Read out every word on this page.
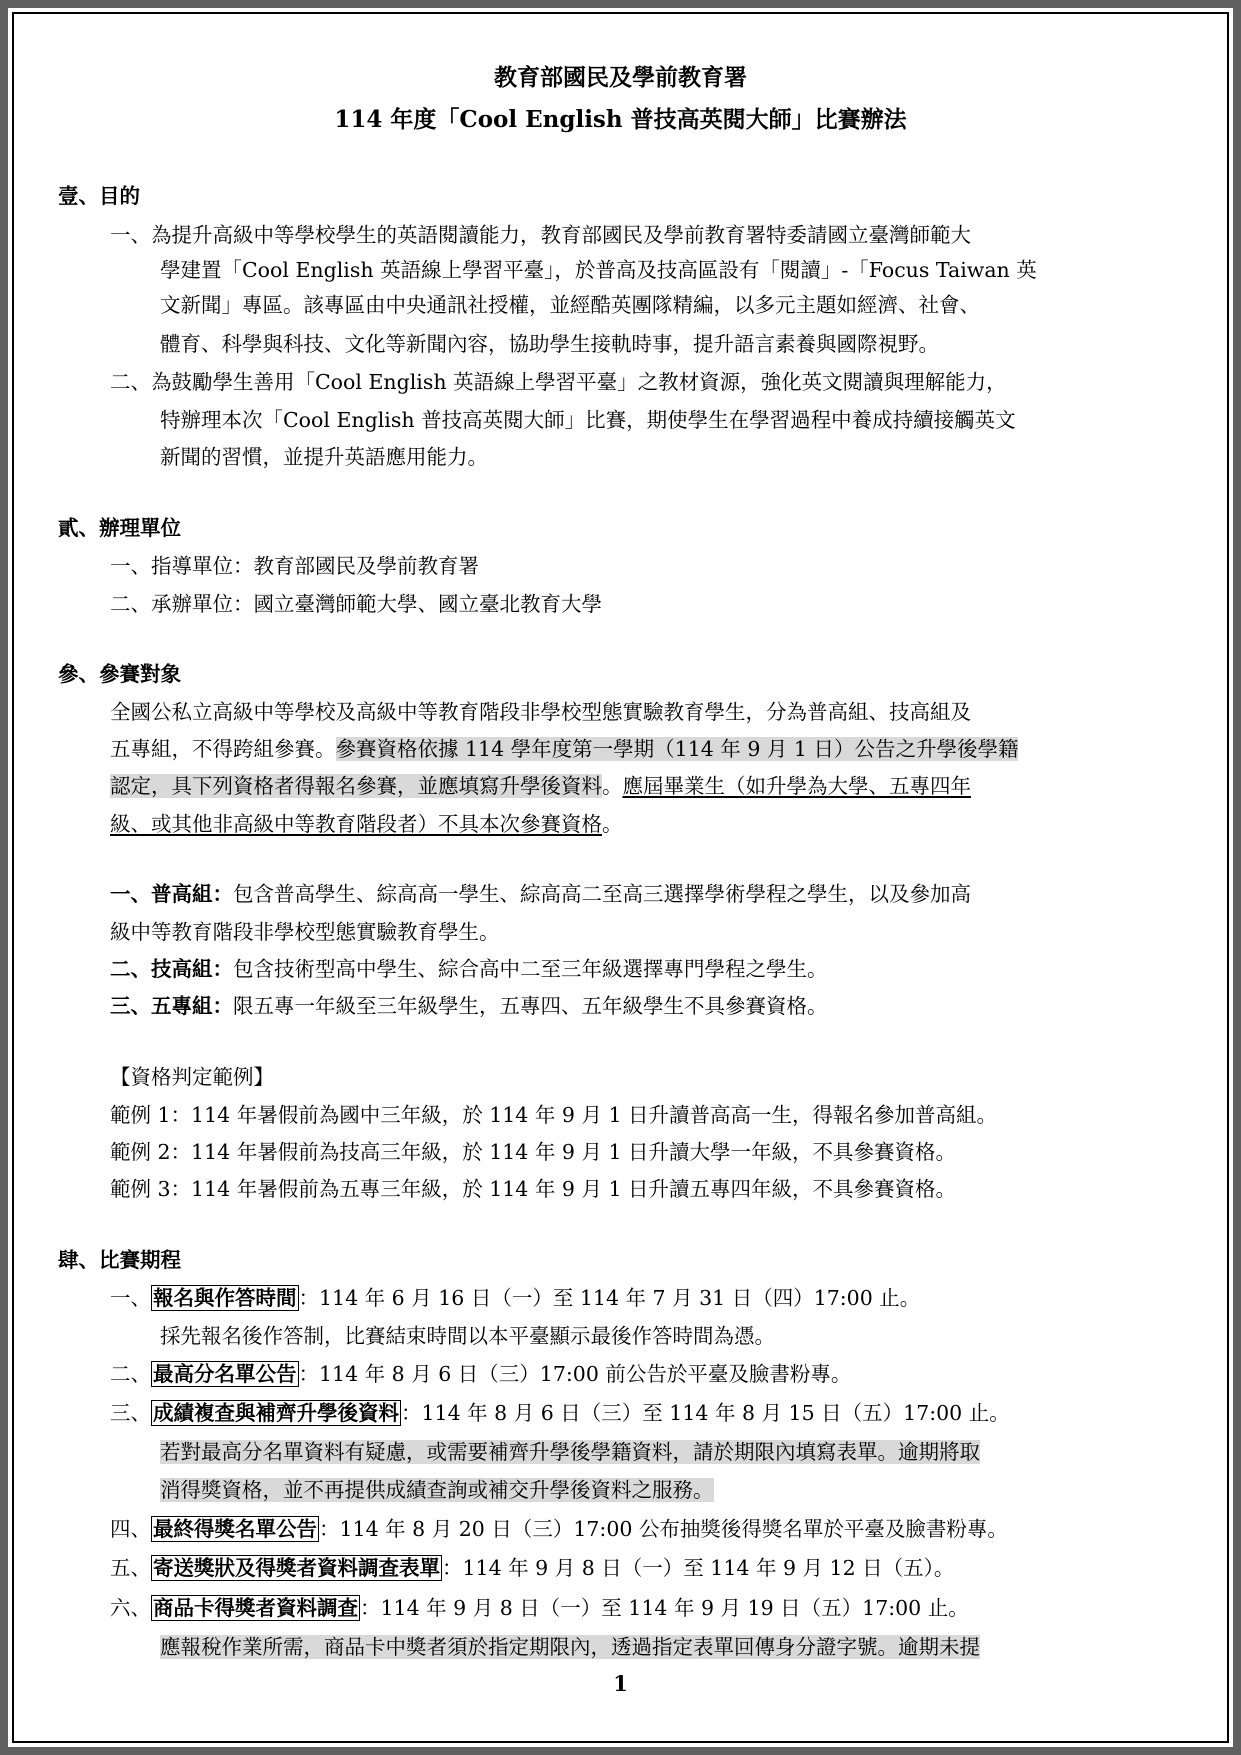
教育部國民及學前教育署
114 年度「Cool English 普技高英閱大師」比賽辦法
壹、目的
一、為提升高級中等學校學生的英語閱讀能力，教育部國民及學前教育署特委請國立臺灣師範大
學建置「Cool English 英語線上學習平臺」，於普高及技高區設有「閱讀」-「Focus Taiwan 英
文新聞」專區。該專區由中央通訊社授權，並經酷英團隊精編，以多元主題如經濟、社會、
體育、科學與科技、文化等新聞內容，協助學生接軌時事，提升語言素養與國際視野。
二、為鼓勵學生善用「Cool English 英語線上學習平臺」之教材資源，強化英文閱讀與理解能力，
特辦理本次「Cool English 普技高英閱大師」比賽，期使學生在學習過程中養成持續接觸英文
新聞的習慣，並提升英語應用能力。
貳、辦理單位
一、指導單位：教育部國民及學前教育署
二、承辦單位：國立臺灣師範大學、國立臺北教育大學
參、參賽對象
全國公私立高級中等學校及高級中等教育階段非學校型態實驗教育學生，分為普高組、技高組及
五專組，不得跨組參賽。參賽資格依據 114 學年度第一學期（114 年 9 月 1 日）公告之升學後學籍
認定，具下列資格者得報名參賽，並應填寫升學後資料。應屆畢業生（如升學為大學、五專四年
級、或其他非高級中等教育階段者）不具本次參賽資格。
一、普高組：包含普高學生、綜高高一學生、綜高高二至高三選擇學術學程之學生，以及參加高
級中等教育階段非學校型態實驗教育學生。
二、技高組：包含技術型高中學生、綜合高中二至三年級選擇專門學程之學生。
三、五專組：限五專一年級至三年級學生，五專四、五年級學生不具參賽資格。
【資格判定範例】
範例 1：114 年暑假前為國中三年級，於 114 年 9 月 1 日升讀普高高一生，得報名參加普高組。
範例 2：114 年暑假前為技高三年級，於 114 年 9 月 1 日升讀大學一年級，不具參賽資格。
範例 3：114 年暑假前為五專三年級，於 114 年 9 月 1 日升讀五專四年級，不具參賽資格。
肆、比賽期程
一、報名與作答時間：114 年 6 月 16 日（一）至 114 年 7 月 31 日（四）17:00 止。
採先報名後作答制，比賽結束時間以本平臺顯示最後作答時間為憑。
二、最高分名單公告：114 年 8 月 6 日（三）17:00 前公告於平臺及臉書粉專。
三、成績複查與補齊升學後資料：114 年 8 月 6 日（三）至 114 年 8 月 15 日（五）17:00 止。
若對最高分名單資料有疑慮，或需要補齊升學後學籍資料，請於期限內填寫表單。逾期將取
消得獎資格，並不再提供成績查詢或補交升學後資料之服務。
四、最終得獎名單公告：114 年 8 月 20 日（三）17:00 公布抽獎後得獎名單於平臺及臉書粉專。
五、寄送獎狀及得獎者資料調查表單：114 年 9 月 8 日（一）至 114 年 9 月 12 日（五）。
六、商品卡得獎者資料調查：114 年 9 月 8 日（一）至 114 年 9 月 19 日（五）17:00 止。
應報稅作業所需，商品卡中獎者須於指定期限內，透過指定表單回傳身分證字號。逾期未提
1
